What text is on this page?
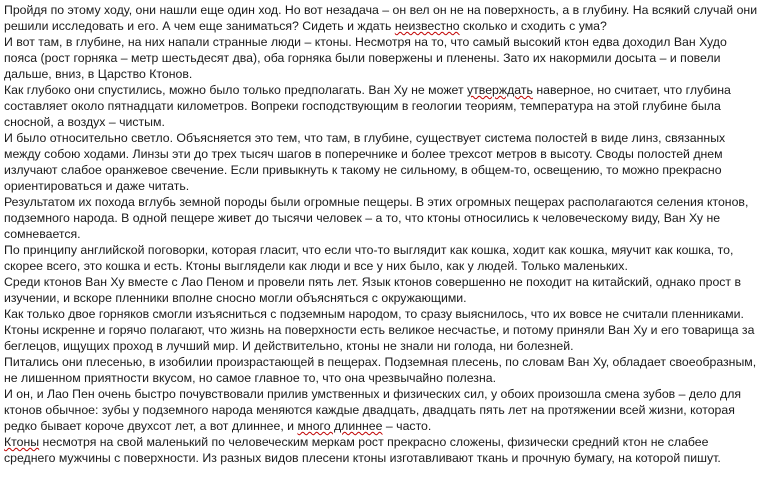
Пройдя по этому ходу, они нашли еще один ход. Но вот незадача – он вел он не на поверхность, а в глубину. На всякий случай они решили исследовать и его. А чем еще заниматься? Сидеть и ждать неизвестно сколько и сходить с ума?

И вот там, в глубине, на них напали странные люди – ктоны. Несмотря на то, что самый высокий ктон едва доходил Ван Худо пояса (рост горняка – метр шестьдесят два), оба горняка были повержены и пленены. Зато их накормили досыта – и повели дальше, вниз, в Царство Ктонов.

Как глубоко они спустились, можно было только предполагать. Ван Ху не может утверждать наверное, но считает, что глубина составляет около пятнадцати километров. Вопреки господствующим в геологии теориям, температура на этой глубине была сносной, а воздух – чистым.

И было относительно светло. Объясняется это тем, что там, в глубине, существует система полостей в виде линз, связанных между собою ходами. Линзы эти до трех тысяч шагов в поперечнике и более трехсот метров в высоту. Своды полостей днем излучают слабое оранжевое свечение. Если привыкнуть к такому не сильному, в общем-то, освещению, то можно прекрасно ориентироваться и даже читать.

Результатом их похода вглубь земной породы были огромные пещеры. В этих огромных пещерах располагаются селения ктонов, подземного народа. В одной пещере живет до тысячи человек – а то, что ктоны относились к человеческому виду, Ван Ху не сомневается.

По принципу английской поговорки, которая гласит, что если что-то выглядит как кошка, ходит как кошка, мяучит как кошка, то, скорее всего, это кошка и есть. Ктоны выглядели как люди и все у них было, как у людей. Только маленьких.

Среди ктонов Ван Ху вместе с Лао Пеном и провели пять лет. Язык ктонов совершенно не походит на китайский, однако прост в изучении, и вскоре пленники вполне сносно могли объясняться с окружающими.

Как только двое горняков смогли изъясниться с подземным народом, то сразу выяснилось, что их вовсе не считали пленниками. Ктоны искренне и горячо полагают, что жизнь на поверхности есть великое несчастье, и потому приняли Ван Ху и его товарища за беглецов, ищущих проход в лучший мир. И действительно, ктоны не знали ни голода, ни болезней.

Питались они плесенью, в изобилии произрастающей в пещерах. Подземная плесень, по словам Ван Ху, обладает своеобразным, не лишенном приятности вкусом, но самое главное то, что она чрезвычайно полезна.

И он, и Лао Пен очень быстро почувствовали прилив умственных и физических сил, у обоих произошла смена зубов – дело для ктонов обычное: зубы у подземного народа меняются каждые двадцать, двадцать пять лет на протяжении всей жизни, которая редко бывает короче двухсот лет, а вот длиннее, и много длиннее – часто.

Ктоны несмотря на свой маленький по человеческим меркам рост прекрасно сложены, физически средний ктон не слабее среднего мужчины с поверхности. Из разных видов плесени ктоны изготавливают ткань и прочную бумагу, на которой пишут.
